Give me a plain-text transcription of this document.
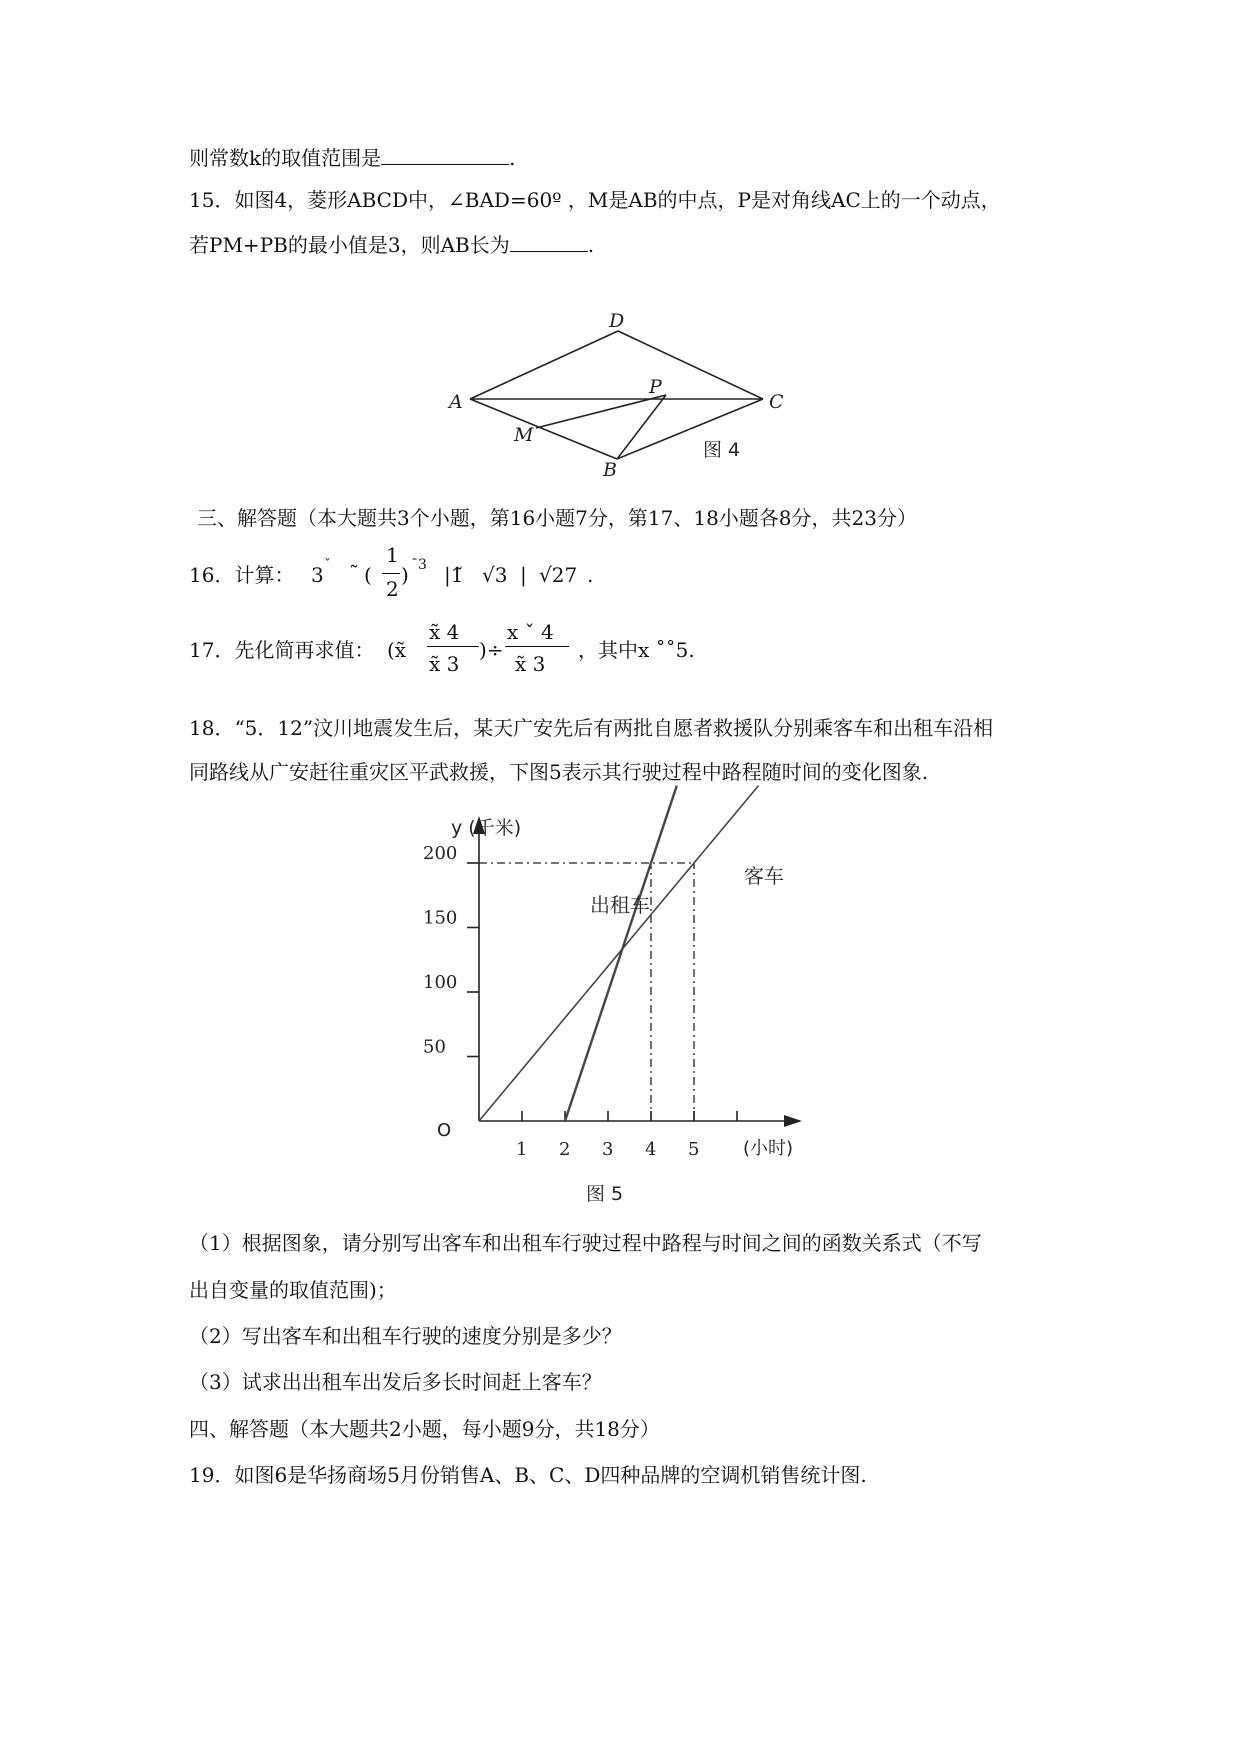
则常数k的取值范围是	.
15．如图4，菱形ABCD中，∠BAD=60º ，M是AB的中点，P是对角线AC上的一个动点，
若PM+PB的最小值是3，则AB长为	.
D
A	C
P
M
B
图 4
三、解答题（本大题共3个小题，第16小题7分，第17、18小题各8分，共23分）
16．计算： 3 ˇ ˜ (
1
2
) ˉ3 |1̃ √3 | √27 .
17．先化简再求值： (x̃
x̃ 4
x̃ 3
)÷
x ˇ 4
x̃ 3
，其中x ˚˚5.
18．“5．12”汶川地震发生后，某天广安先后有两批自愿者救援队分别乘客车和出租车沿相
同路线从广安赶往重灾区平武救援，下图5表示其行驶过程中路程随时间的变化图象.
y (千米)
(小时)
O
图 5
1 2 3 4 5
50
100
150
200
客车
出租车
（1）根据图象，请分别写出客车和出租车行驶过程中路程与时间之间的函数关系式（不写
出自变量的取值范围)；
（2）写出客车和出租车行驶的速度分别是多少？
（3）试求出出租车出发后多长时间赶上客车？
四、解答题（本大题共2小题，每小题9分，共18分）
19．如图6是华扬商场5月份销售A、B、C、D四种品牌的空调机销售统计图.
